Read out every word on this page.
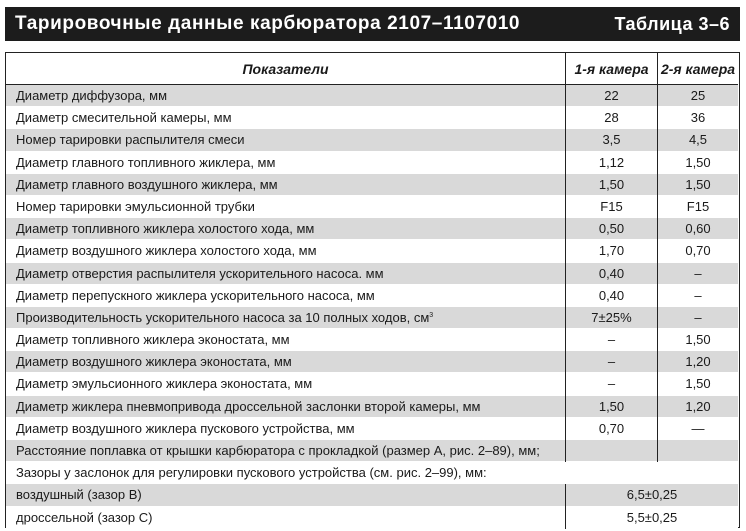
Тарировочные данные карбюратора 2107–1107010	Таблица 3–6
Показатели	1-я камера 2-я камера
Диаметр диффузора, мм	22	25
Диаметр смесительной камеры, мм	28	36
Номер тарировки распылителя смеси	3,5	4,5
Диаметр главного топливного жиклера, мм	1,12	1,50
Диаметр главного воздушного жиклера, мм	1,50	1,50
Номер тарировки эмульсионной трубки	F15	F15
Диаметр топливного жиклера холостого хода, мм	0,50	0,60
Диаметр воздушного жиклера холостого хода, мм	1,70	0,70
Диаметр отверстия распылителя ускорительного насоса. мм	0,40	–
Диаметр перепускного жиклера ускорительного насоса, мм	0,40	–
Производительность ускорительного насоса за 10 полных ходов, $см^3$	7±25%	–
Диаметр топливного жиклера эконостата, мм	–	1,50
Диаметр воздушного жиклера эконостата, мм	–	1,20
Диаметр эмульсионного жиклера эконостата, мм	–	1,50
Диаметр жиклера пневмопривода дроссельной заслонки второй камеры, мм	1,50	1,20
Диаметр воздушного жиклера пускового устройства, мм	0,70	—
Расстояние поплавка от крышки карбюратора с прокладкой (размер А, рис. 2–89), мм;
Зазоры у заслонок для регулировки пускового устройства (см. рис. 2–99), мм:
воздушный (зазор В)	6,5±0,25
дроссельной (зазор С)	5,5±0,25
